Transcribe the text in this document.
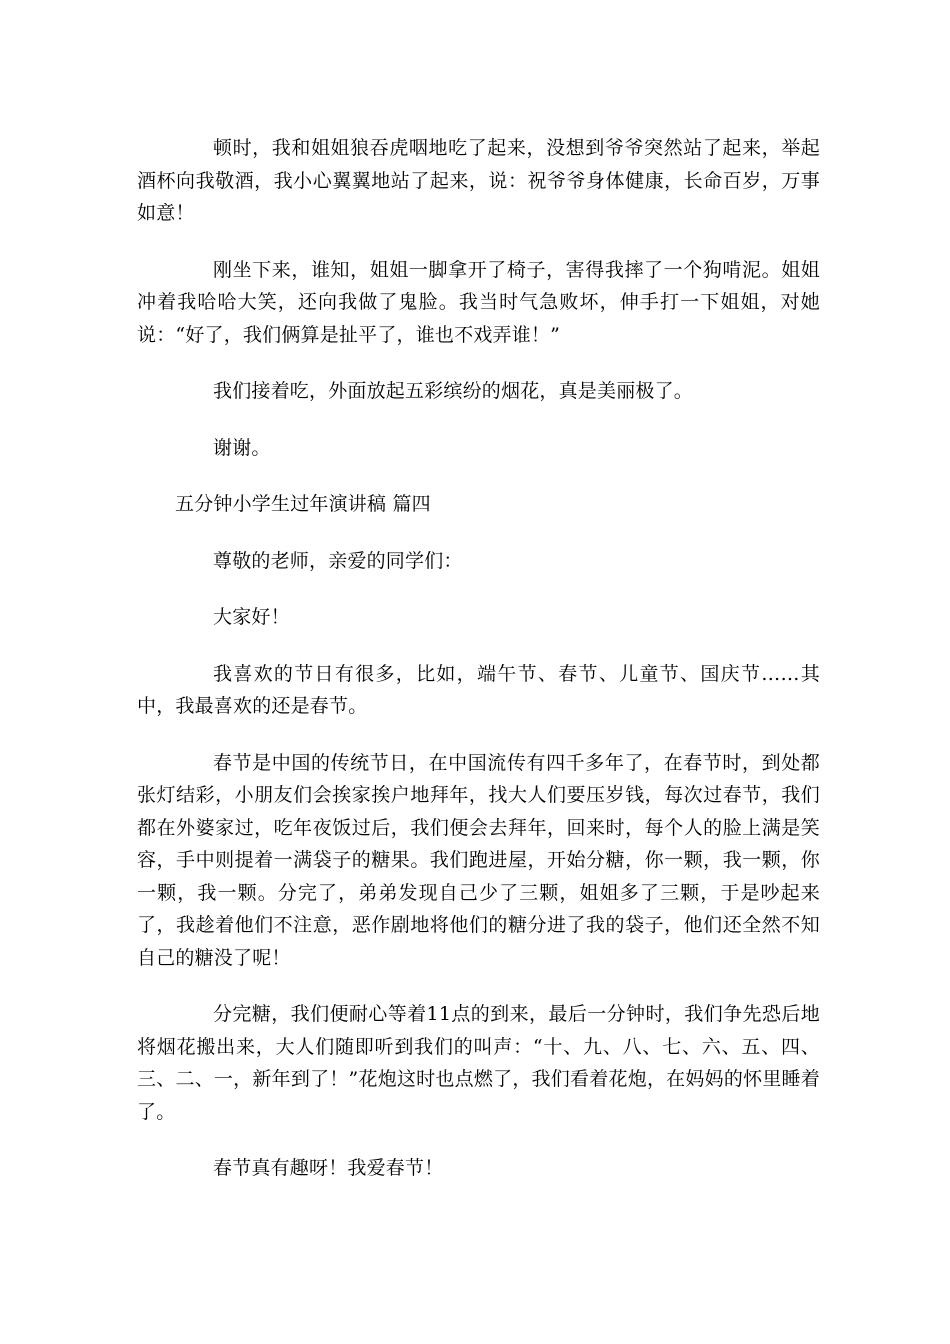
顿时，我和姐姐狼吞虎咽地吃了起来，没想到爷爷突然站了起来，举起酒杯向我敬酒，我小心翼翼地站了起来，说：祝爷爷身体健康，长命百岁，万事如意！

刚坐下来，谁知，姐姐一脚拿开了椅子，害得我摔了一个狗啃泥。姐姐冲着我哈哈大笑，还向我做了鬼脸。我当时气急败坏，伸手打一下姐姐，对她说：“好了，我们俩算是扯平了，谁也不戏弄谁！”

我们接着吃，外面放起五彩缤纷的烟花，真是美丽极了。

谢谢。

五分钟小学生过年演讲稿 篇四

尊敬的老师，亲爱的同学们：

大家好！

我喜欢的节日有很多，比如，端午节、春节、儿童节、国庆节……其中，我最喜欢的还是春节。

春节是中国的传统节日，在中国流传有四千多年了，在春节时，到处都张灯结彩，小朋友们会挨家挨户地拜年，找大人们要压岁钱，每次过春节，我们都在外婆家过，吃年夜饭过后，我们便会去拜年，回来时，每个人的脸上满是笑容，手中则提着一满袋子的糖果。我们跑进屋，开始分糖，你一颗，我一颗，你一颗，我一颗。分完了，弟弟发现自己少了三颗，姐姐多了三颗，于是吵起来了，我趁着他们不注意，恶作剧地将他们的糖分进了我的袋子，他们还全然不知自己的糖没了呢！

分完糖，我们便耐心等着11点的到来，最后一分钟时，我们争先恐后地将烟花搬出来，大人们随即听到我们的叫声：“十、九、八、七、六、五、四、三、二、一，新年到了！”花炮这时也点燃了，我们看着花炮，在妈妈的怀里睡着了。

春节真有趣呀！我爱春节！
